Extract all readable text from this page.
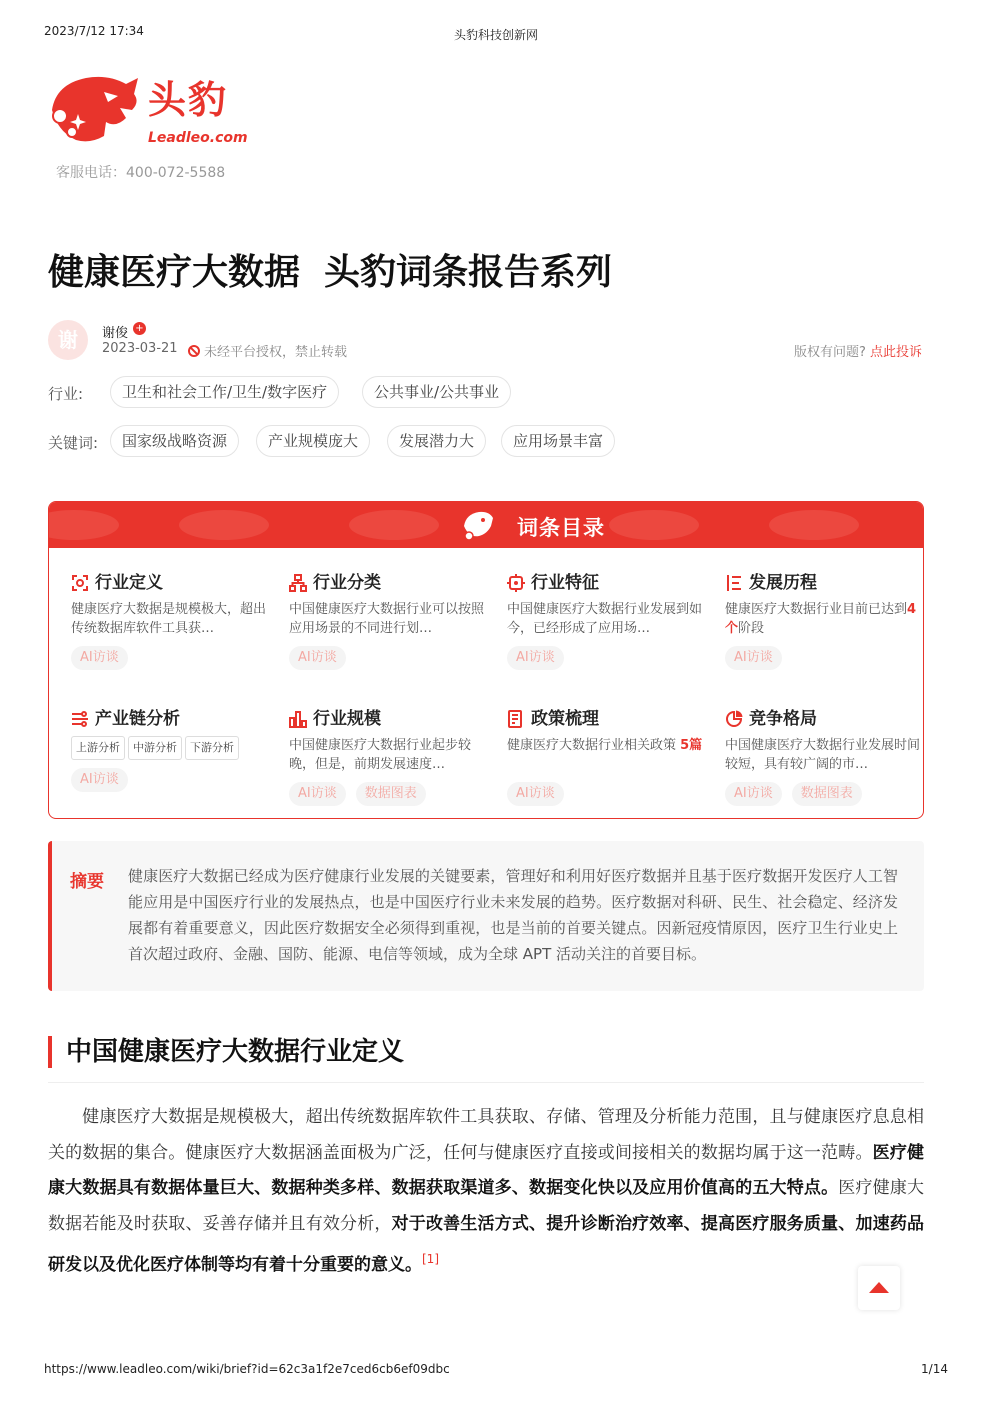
2023/7/12 17:34	头豹科技创新网
头豹
Leadleo.com
客服电话：400-072-5588
健康医疗大数据 头豹词条报告系列
谢	谢俊 +
2023-03-21	未经平台授权，禁止转载	版权有问题? 点此投诉
行业:	卫生和社会工作/卫生/数字医疗	公共事业/公共事业
关键词:	国家级战略资源	产业规模庞大	发展潜力大	应用场景丰富
词条目录
行业定义
健康医疗大数据是规模极大，超出传统数据库软件工具获…
AI访谈
行业分类
中国健康医疗大数据行业可以按照应用场景的不同进行划…
AI访谈
行业特征
中国健康医疗大数据行业发展到如今，已经形成了应用场…
AI访谈
发展历程
健康医疗大数据行业目前已达到4个阶段
AI访谈
产业链分析
上游分析 中游分析 下游分析
AI访谈
行业规模
中国健康医疗大数据行业起步较晚，但是，前期发展速度…
AI访谈 数据图表
政策梳理
健康医疗大数据行业相关政策 5篇
AI访谈
竞争格局
中国健康医疗大数据行业发展时间较短，具有较广阔的市…
AI访谈 数据图表
摘要 健康医疗大数据已经成为医疗健康行业发展的关键要素，管理好和利用好医疗数据并且基于医疗数据开发医疗人工智能应用是中国医疗行业的发展热点，也是中国医疗行业未来发展的趋势。医疗数据对科研、民生、社会稳定、经济发展都有着重要意义，因此医疗数据安全必须得到重视，也是当前的首要关键点。因新冠疫情原因，医疗卫生行业史上首次超过政府、金融、国防、能源、电信等领域，成为全球 APT 活动关注的首要目标。

中国健康医疗大数据行业定义

健康医疗大数据是规模极大，超出传统数据库软件工具获取、存储、管理及分析能力范围，且与健康医疗息息相关的数据的集合。健康医疗大数据涵盖面极为广泛，任何与健康医疗直接或间接相关的数据均属于这一范畴。医疗健康大数据具有数据体量巨大、数据种类多样、数据获取渠道多、数据变化快以及应用价值高的五大特点。医疗健康大数据若能及时获取、妥善存储并且有效分析，对于改善生活方式、提升诊断治疗效率、提高医疗服务质量、加速药品研发以及优化医疗体制等均有着十分重要的意义。[1]

https://www.leadleo.com/wiki/brief?id=62c3a1f2e7ced6cb6ef09dbc	1/14
